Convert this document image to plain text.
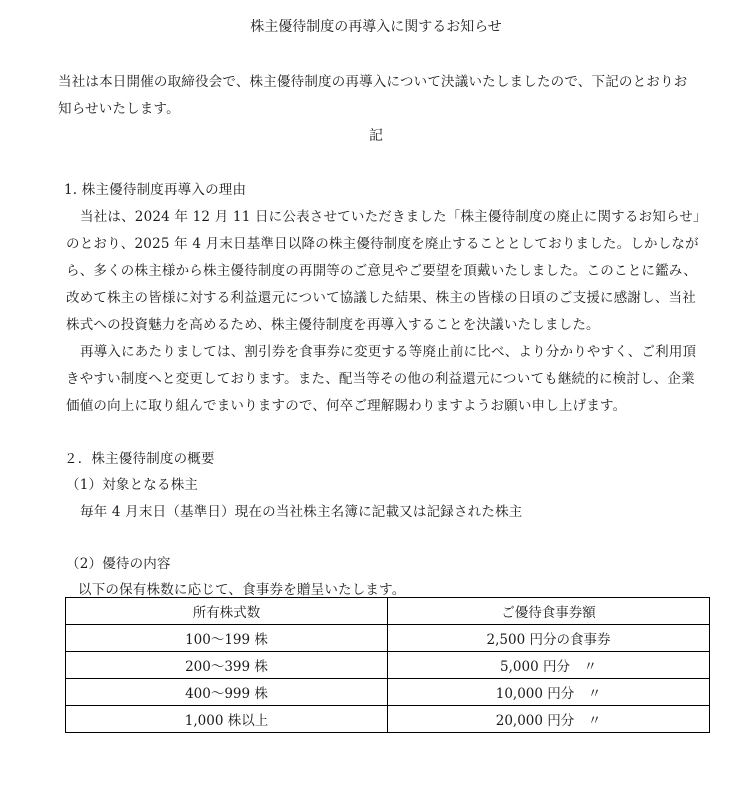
株主優待制度の再導入に関するお知らせ
当社は本日開催の取締役会で、株主優待制度の再導入について決議いたしましたので、下記のとおりお
知らせいたします。
記
1. 株主優待制度再導入の理由
当社は、2024 年 12 月 11 日に公表させていただきました「株主優待制度の廃止に関するお知らせ」
のとおり、2025 年 4 月末日基準日以降の株主優待制度を廃止することとしておりました。しかしなが
ら、多くの株主様から株主優待制度の再開等のご意見やご要望を頂戴いたしました。このことに鑑み、
改めて株主の皆様に対する利益還元について協議した結果、株主の皆様の日頃のご支援に感謝し、当社
株式への投資魅力を高めるため、株主優待制度を再導入することを決議いたしました。
再導入にあたりましては、割引券を食事券に変更する等廃止前に比べ、より分かりやすく、ご利用頂
きやすい制度へと変更しております。また、配当等その他の利益還元についても継続的に検討し、企業
価値の向上に取り組んでまいりますので、何卒ご理解賜わりますようお願い申し上げます。
２．株主優待制度の概要
（1）対象となる株主
毎年 4 月末日（基準日）現在の当社株主名簿に記載又は記録された株主
（2）優待の内容
以下の保有株数に応じて、食事券を贈呈いたします。
所有株式数	ご優待食事券額
100～199 株	2,500 円分の食事券
200～399 株	5,000 円分　〃
400～999 株	10,000 円分　〃
1,000 株以上	20,000 円分　〃
